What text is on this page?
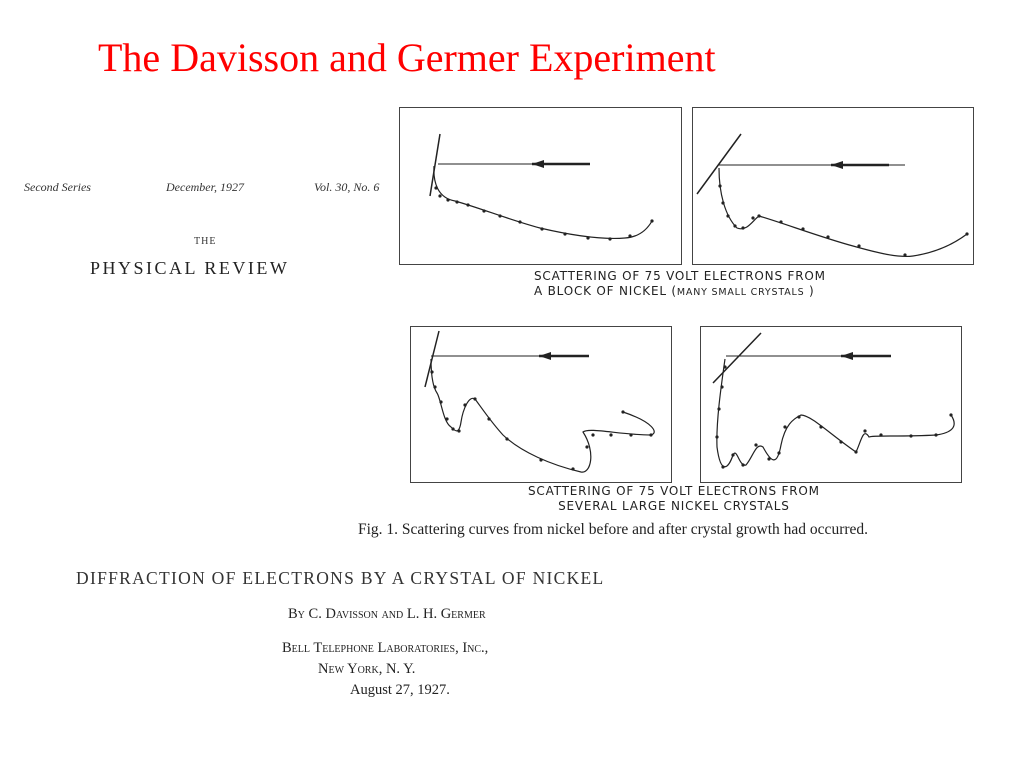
The Davisson and Germer Experiment
Second Series	December, 1927	Vol. 30, No. 6
THE
PHYSICAL REVIEW	SCATTERING OF 75 VOLT ELECTRONS FROM
A BLOCK OF NICKEL (MANY SMALL CRYSTALS )
SCATTERING OF 75 VOLT ELECTRONS FROM
SEVERAL LARGE NICKEL CRYSTALS
Fig. 1. Scattering curves from nickel before and after crystal growth had occurred.
DIFFRACTION OF ELECTRONS BY A CRYSTAL OF NICKEL
By C. Davisson and L. H. Germer
Bell Telephone Laboratories, Inc.,
New York, N. Y.
August 27, 1927.
